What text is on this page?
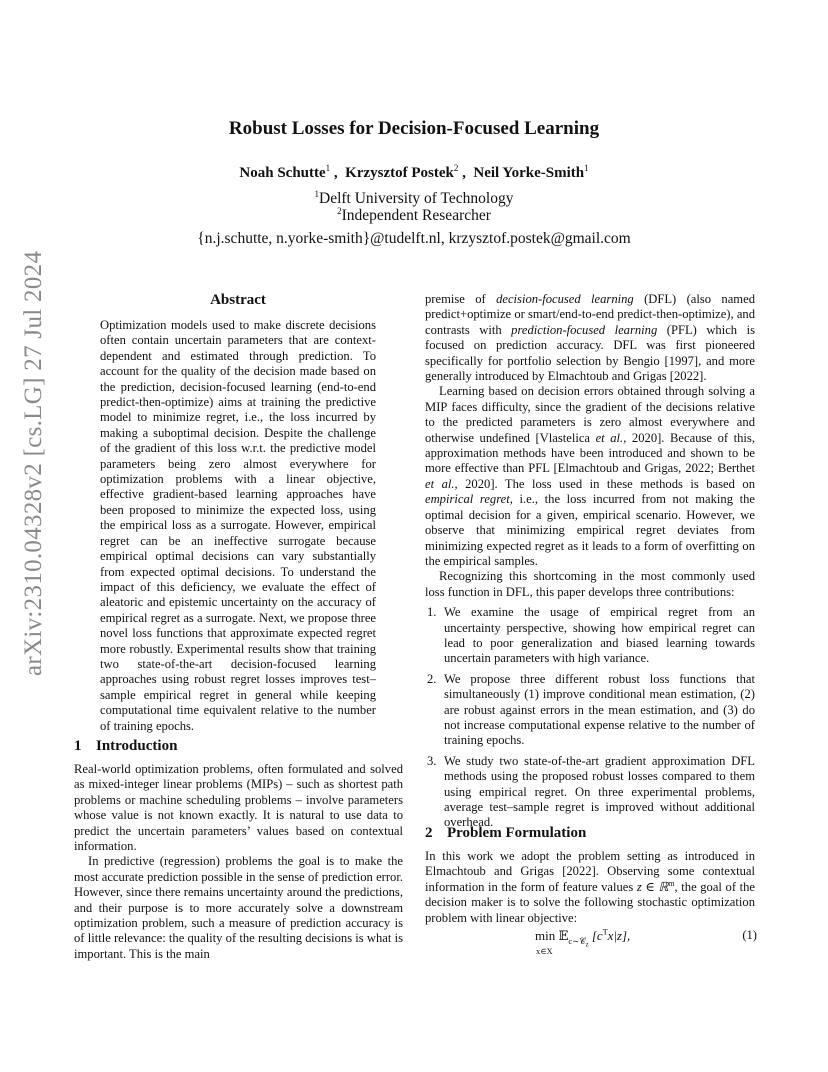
arXiv:2310.04328v2 [cs.LG] 27 Jul 2024
Robust Losses for Decision-Focused Learning
Noah Schutte$^1$ ,  Krzysztof Postek$^2$ ,  Neil Yorke-Smith$^1$
$^1$Delft University of Technology
$^2$Independent Researcher
{n.j.schutte, n.yorke-smith}@tudelft.nl, krzysztof.postek@gmail.com
Abstract
Optimization models used to make discrete decisions often contain uncertain parameters that are context-dependent and estimated through prediction. To account for the quality of the decision made based on the prediction, decision-focused learning (end-to-end predict-then-optimize) aims at training the predictive model to minimize regret, i.e., the loss incurred by making a suboptimal decision. Despite the challenge of the gradient of this loss w.r.t. the predictive model parameters being zero almost everywhere for optimization problems with a linear objective, effective gradient-based learning approaches have been proposed to minimize the expected loss, using the empirical loss as a surrogate. However, empirical regret can be an ineffective surrogate because empirical optimal decisions can vary substantially from expected optimal decisions. To understand the impact of this deficiency, we evaluate the effect of aleatoric and epistemic uncertainty on the accuracy of empirical regret as a surrogate. Next, we propose three novel loss functions that approximate expected regret more robustly. Experimental results show that training two state-of-the-art decision-focused learning approaches using robust regret losses improves test–sample empirical regret in general while keeping computational time equivalent relative to the number of training epochs.
1 Introduction

Real-world optimization problems, often formulated and solved as mixed-integer linear problems (MIPs) – such as shortest path problems or machine scheduling problems – involve parameters whose value is not known exactly. It is natural to use data to predict the uncertain parameters’ values based on contextual information.

In predictive (regression) problems the goal is to make the most accurate prediction possible in the sense of prediction error. However, since there remains uncertainty around the predictions, and their purpose is to more accurately solve a downstream optimization problem, such a measure of prediction accuracy is of little relevance: the quality of the resulting decisions is what is important. This is the main

premise of decision-focused learning (DFL) (also named predict+optimize or smart/end-to-end predict-then-optimize), and contrasts with prediction-focused learning (PFL) which is focused on prediction accuracy. DFL was first pioneered specifically for portfolio selection by Bengio [1997], and more generally introduced by Elmachtoub and Grigas [2022].

Learning based on decision errors obtained through solving a MIP faces difficulty, since the gradient of the decisions relative to the predicted parameters is zero almost everywhere and otherwise undefined [Vlastelica et al., 2020]. Because of this, approximation methods have been introduced and shown to be more effective than PFL [Elmachtoub and Grigas, 2022; Berthet et al., 2020]. The loss used in these methods is based on empirical regret, i.e., the loss incurred from not making the optimal decision for a given, empirical scenario. However, we observe that minimizing empirical regret deviates from minimizing expected regret as it leads to a form of overfitting on the empirical samples.

Recognizing this shortcoming in the most commonly used loss function in DFL, this paper develops three contributions:

1. We examine the usage of empirical regret from an uncertainty perspective, showing how empirical regret can lead to poor generalization and biased learning towards uncertain parameters with high variance.
2. We propose three different robust loss functions that simultaneously (1) improve conditional mean estimation, (2) are robust against errors in the mean estimation, and (3) do not increase computational expense relative to the number of training epochs.
3. We study two state-of-the-art gradient approximation DFL methods using the proposed robust losses compared to them using empirical regret. On three experimental problems, average test–sample regret is improved without additional overhead.
2 Problem Formulation

In this work we adopt the problem setting as introduced in Elmachtoub and Grigas [2022]. Observing some contextual information in the form of feature values z ∈ ℝ$^m$, the goal of the decision maker is to solve the following stochastic optimization problem with linear objective:

min 𝔼$_{c\sim 𝒞_z}$ $[c^Tx|z]$,
x∈X
(1)
